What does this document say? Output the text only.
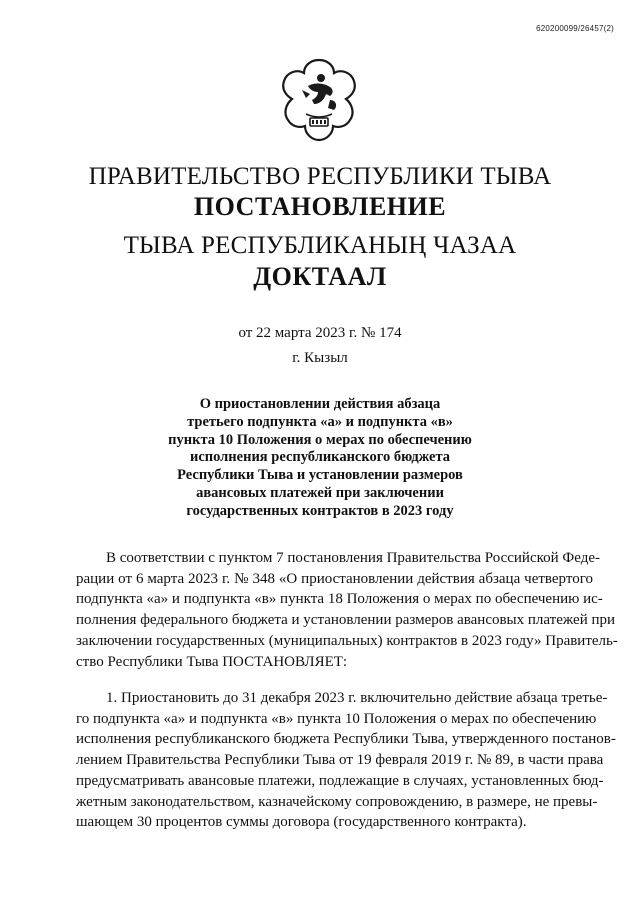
620200099/26457(2)
ПРАВИТЕЛЬСТВО РЕСПУБЛИКИ ТЫВА
ПОСТАНОВЛЕНИЕ
ТЫВА РЕСПУБЛИКАНЫҢ ЧАЗАА
ДОКТААЛ
от 22 марта 2023 г. № 174
г. Кызыл
О приостановлении действия абзаца
третьего подпункта «а» и подпункта «в»
пункта 10 Положения о мерах по обеспечению
исполнения республиканского бюджета
Республики Тыва и установлении размеров
авансовых платежей при заключении
государственных контрактов в 2023 году
В соответствии с пунктом 7 постановления Правительства Российской Феде-
рации от 6 марта 2023 г. № 348 «О приостановлении действия абзаца четвертого
подпункта «а» и подпункта «в» пункта 18 Положения о мерах по обеспечению ис-
полнения федерального бюджета и установлении размеров авансовых платежей при
заключении государственных (муниципальных) контрактов в 2023 году» Правитель-
ство Республики Тыва ПОСТАНОВЛЯЕТ:
1. Приостановить до 31 декабря 2023 г. включительно действие абзаца третье-
го подпункта «а» и подпункта «в» пункта 10 Положения о мерах по обеспечению
исполнения республиканского бюджета Республики Тыва, утвержденного постанов-
лением Правительства Республики Тыва от 19 февраля 2019 г. № 89, в части права
предусматривать авансовые платежи, подлежащие в случаях, установленных бюд-
жетным законодательством, казначейскому сопровождению, в размере, не превы-
шающем 30 процентов суммы договора (государственного контракта).
